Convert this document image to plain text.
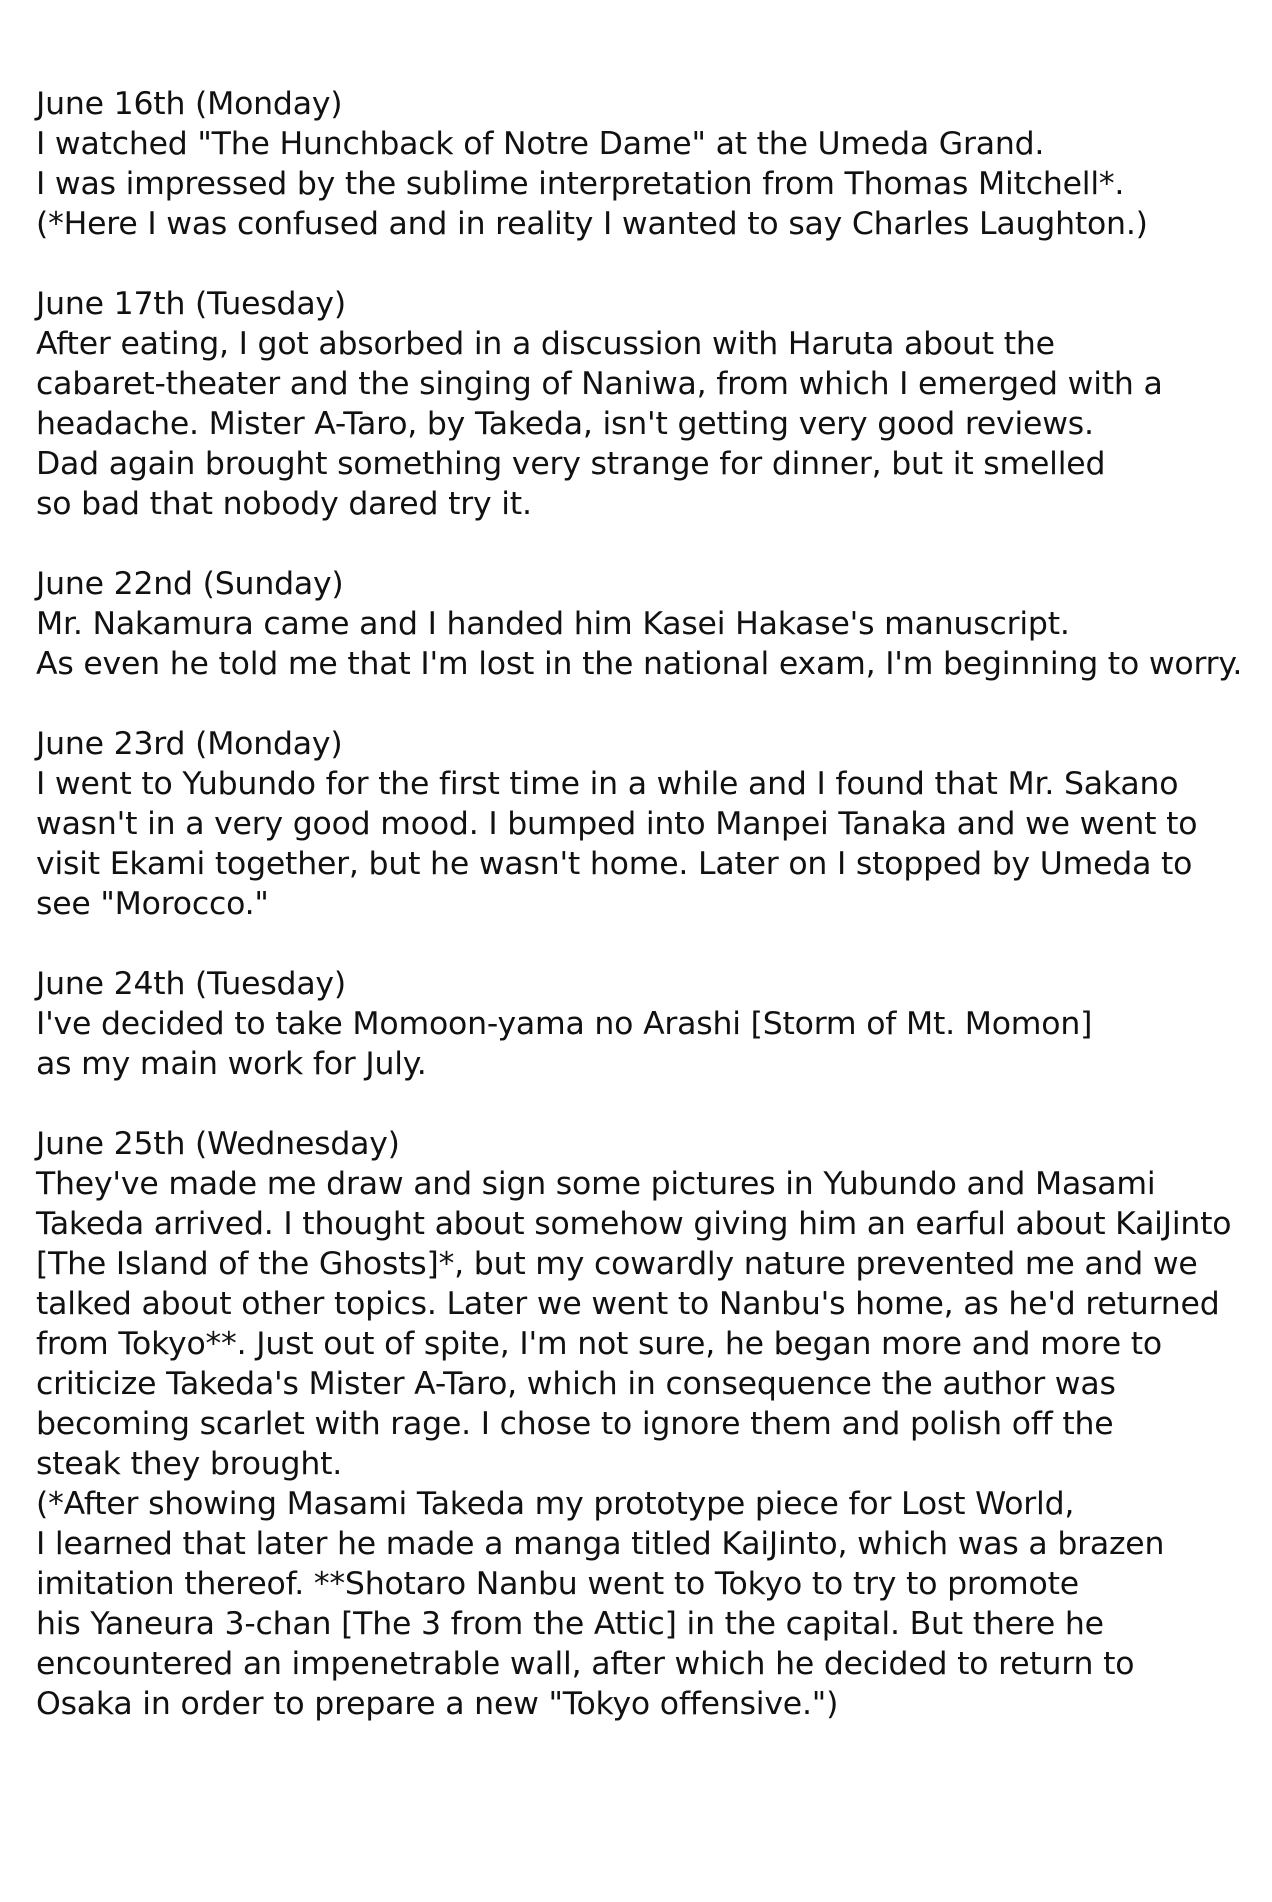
June 16th (Monday)
I watched "The Hunchback of Notre Dame" at the Umeda Grand.
I was impressed by the sublime interpretation from Thomas Mitchell*.
(*Here I was confused and in reality I wanted to say Charles Laughton.)
June 17th (Tuesday)
After eating, I got absorbed in a discussion with Haruta about the
cabaret-theater and the singing of Naniwa, from which I emerged with a
headache. Mister A-Taro, by Takeda, isn't getting very good reviews.
Dad again brought something very strange for dinner, but it smelled
so bad that nobody dared try it.
June 22nd (Sunday)
Mr. Nakamura came and I handed him Kasei Hakase's manuscript.
As even he told me that I'm lost in the national exam, I'm beginning to worry.
June 23rd (Monday)
I went to Yubundo for the first time in a while and I found that Mr. Sakano
wasn't in a very good mood. I bumped into Manpei Tanaka and we went to
visit Ekami together, but he wasn't home. Later on I stopped by Umeda to
see "Morocco."
June 24th (Tuesday)
I've decided to take Momoon-yama no Arashi [Storm of Mt. Momon]
as my main work for July.
June 25th (Wednesday)
They've made me draw and sign some pictures in Yubundo and Masami
Takeda arrived. I thought about somehow giving him an earful about KaiJinto
[The Island of the Ghosts]*, but my cowardly nature prevented me and we
talked about other topics. Later we went to Nanbu's home, as he'd returned
from Tokyo**. Just out of spite, I'm not sure, he began more and more to
criticize Takeda's Mister A-Taro, which in consequence the author was
becoming scarlet with rage. I chose to ignore them and polish off the
steak they brought.
(*After showing Masami Takeda my prototype piece for Lost World,
I learned that later he made a manga titled KaiJinto, which was a brazen
imitation thereof. **Shotaro Nanbu went to Tokyo to try to promote
his Yaneura 3-chan [The 3 from the Attic] in the capital. But there he
encountered an impenetrable wall, after which he decided to return to
Osaka in order to prepare a new "Tokyo offensive.")
